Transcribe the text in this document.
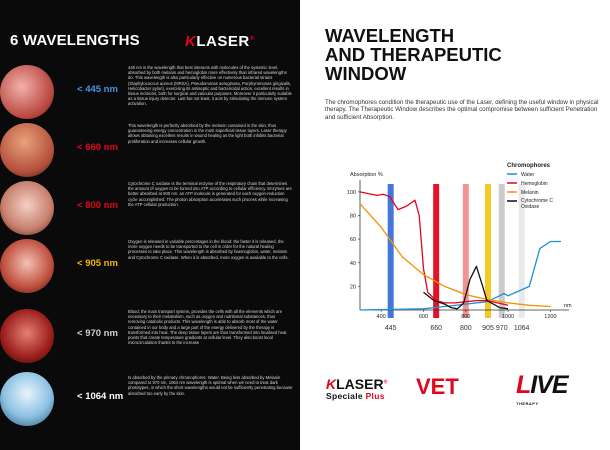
6 WAVELENGTHS	KLASER®
< 445 nm
445 nm is the wavelength that best interacts with molecules of the systemic level, absorbed by both melanin and hemoglobin more effectively than infrared wavelengths do. This wavelength is also particularly effective on numerous bacterial strains (Staphylococcus aureus (MRSA), Pseudomonas aeruginosa, Porphyromonas gingivalis, Helicobacter pylori), exercising its antiseptic and bactericidal action, excellent results in tissue incisions, both for surgical and vascular purposes. Moreover it particularly suitable as a tissue injury detector. Last but not least, it acts by stimulating the immune system activation.
< 660 nm
This wavelength is perfectly absorbed by the melanin contained in the skin, thus guaranteeing energy concentration in the most superficial tissue layers. Laser therapy allows obtaining excellent results in wound healing as the light both inhibits bacterial proliferation and increases cellular growth.
< 800 nm
Cytochrome C oxidase is the terminal enzyme of the respiratory chain that determines the amount of oxygen to be turned into ATP according to cellular efficiency. Enzymes are better absorbed at 800 nm: an ATP molecule is generated for each oxygen-reduction cycle accomplished. The photon absorption accelerates such process while increasing the ATP cellular production.
< 905 nm
Oxygen is released in variable percentages in the blood: the faster it is released, the more oxygen needs to be transported to the cell in order for the natural healing processes to take place. This wavelength is absorbed by haemoglobin, water, melanin and Cytochrome C oxidase. When it is absorbed, more oxygen is available to the cells.
< 970 nm
Blood, the main transport system, provides the cells with all the elements which are necessary to their metabolism, such as oxygen and nutritional substances, thus removing catabolic products. This wavelength is able to absorb most of the water contained in our body and a large part of the energy delivered by the therapy is transformed into heat. The deep tissue layers are thus transformed into localised heat points that create temperature gradients at cellular level. They also boost local microcirculation thanks to the increase
< 1064 nm
Is absorbed by the primary chromophores: Water. Being less absorbed by Melanin compared to 970 nm, 1064 nm wavelength is optimal when we need to treat dark phototypes, in which the short wavelengths would not be sufficiently penetrating because absorbed too early by the skin.
WAVELENGTH
AND THERAPEUTIC
WINDOW
The chromophores condition the therapeutic use of the Laser, defining the useful window in physical therapy. The Therapeutic Window describes the optimal compromise between sufficient Penetration and sufficient Absorption.
445	660	800 905 970 1064
Absorption %
nm
20
40
60
80
100
400	600	800	1000	1200
Chromophores
Water
Hemoglobin
Melanin
Cytochrome C
Oxidase
KLASER®
Speciale Plus VET LIVE
THERAPY
